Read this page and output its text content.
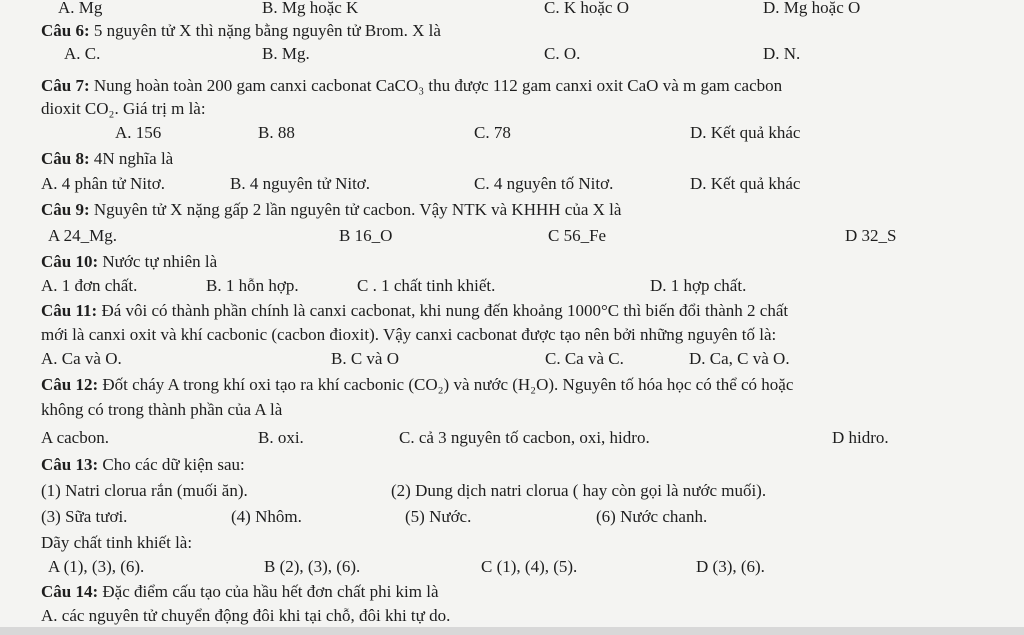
A. Mg	B. Mg hoặc K	C. K hoặc O	D. Mg hoặc O
Câu 6: 5 nguyên tử X thì nặng bằng nguyên tử Brom. X là
A. C.	B. Mg.	C. O.	D. N.
Câu 7: Nung hoàn toàn 200 gam canxi cacbonat CaCO₃ thu được 112 gam canxi oxit CaO và m gam cacbon
dioxit CO₂. Giá trị m là:
A. 156	B. 88	C. 78	D. Kết quả khác
Câu 8: 4N nghĩa là
A. 4 phân tử Nitơ.	B. 4 nguyên tử Nitơ.	C. 4 nguyên tố Nitơ.	D. Kết quả khác
Câu 9: Nguyên tử X nặng gấp 2 lần nguyên tử cacbon. Vậy NTK và KHHH của X là
A 24_Mg.	B 16_O	C 56_Fe	D 32_S
Câu 10: Nước tự nhiên là
A. 1 đơn chất.	B. 1 hỗn hợp.	C . 1 chất tinh khiết.	D. 1 hợp chất.
Câu 11: Đá vôi có thành phần chính là canxi cacbonat, khi nung đến khoảng 1000°C thì biến đổi thành 2 chất
mới là canxi oxit và khí cacbonic (cacbon đioxit). Vậy canxi cacbonat được tạo nên bởi những nguyên tố là:
A. Ca và O.	B. C và O	C. Ca và C.	D. Ca, C và O.
Câu 12: Đốt cháy A trong khí oxi tạo ra khí cacbonic (CO₂) và nước (H₂O). Nguyên tố hóa học có thể có hoặc
không có trong thành phần của A là
A cacbon.	B. oxi.	C. cả 3 nguyên tố cacbon, oxi, hidro.	D hidro.
Câu 13: Cho các dữ kiện sau:
(1) Natri clorua rắn (muối ăn).	(2) Dung dịch natri clorua ( hay còn gọi là nước muối).
(3) Sữa tươi.	(4) Nhôm.	(5) Nước.	(6) Nước chanh.
Dãy chất tinh khiết là:
A (1), (3), (6).	B (2), (3), (6).	C (1), (4), (5).	D (3), (6).
Câu 14: Đặc điểm cấu tạo của hầu hết đơn chất phi kim là
A. các nguyên tử chuyển động đôi khi tại chỗ, đôi khi tự do.
